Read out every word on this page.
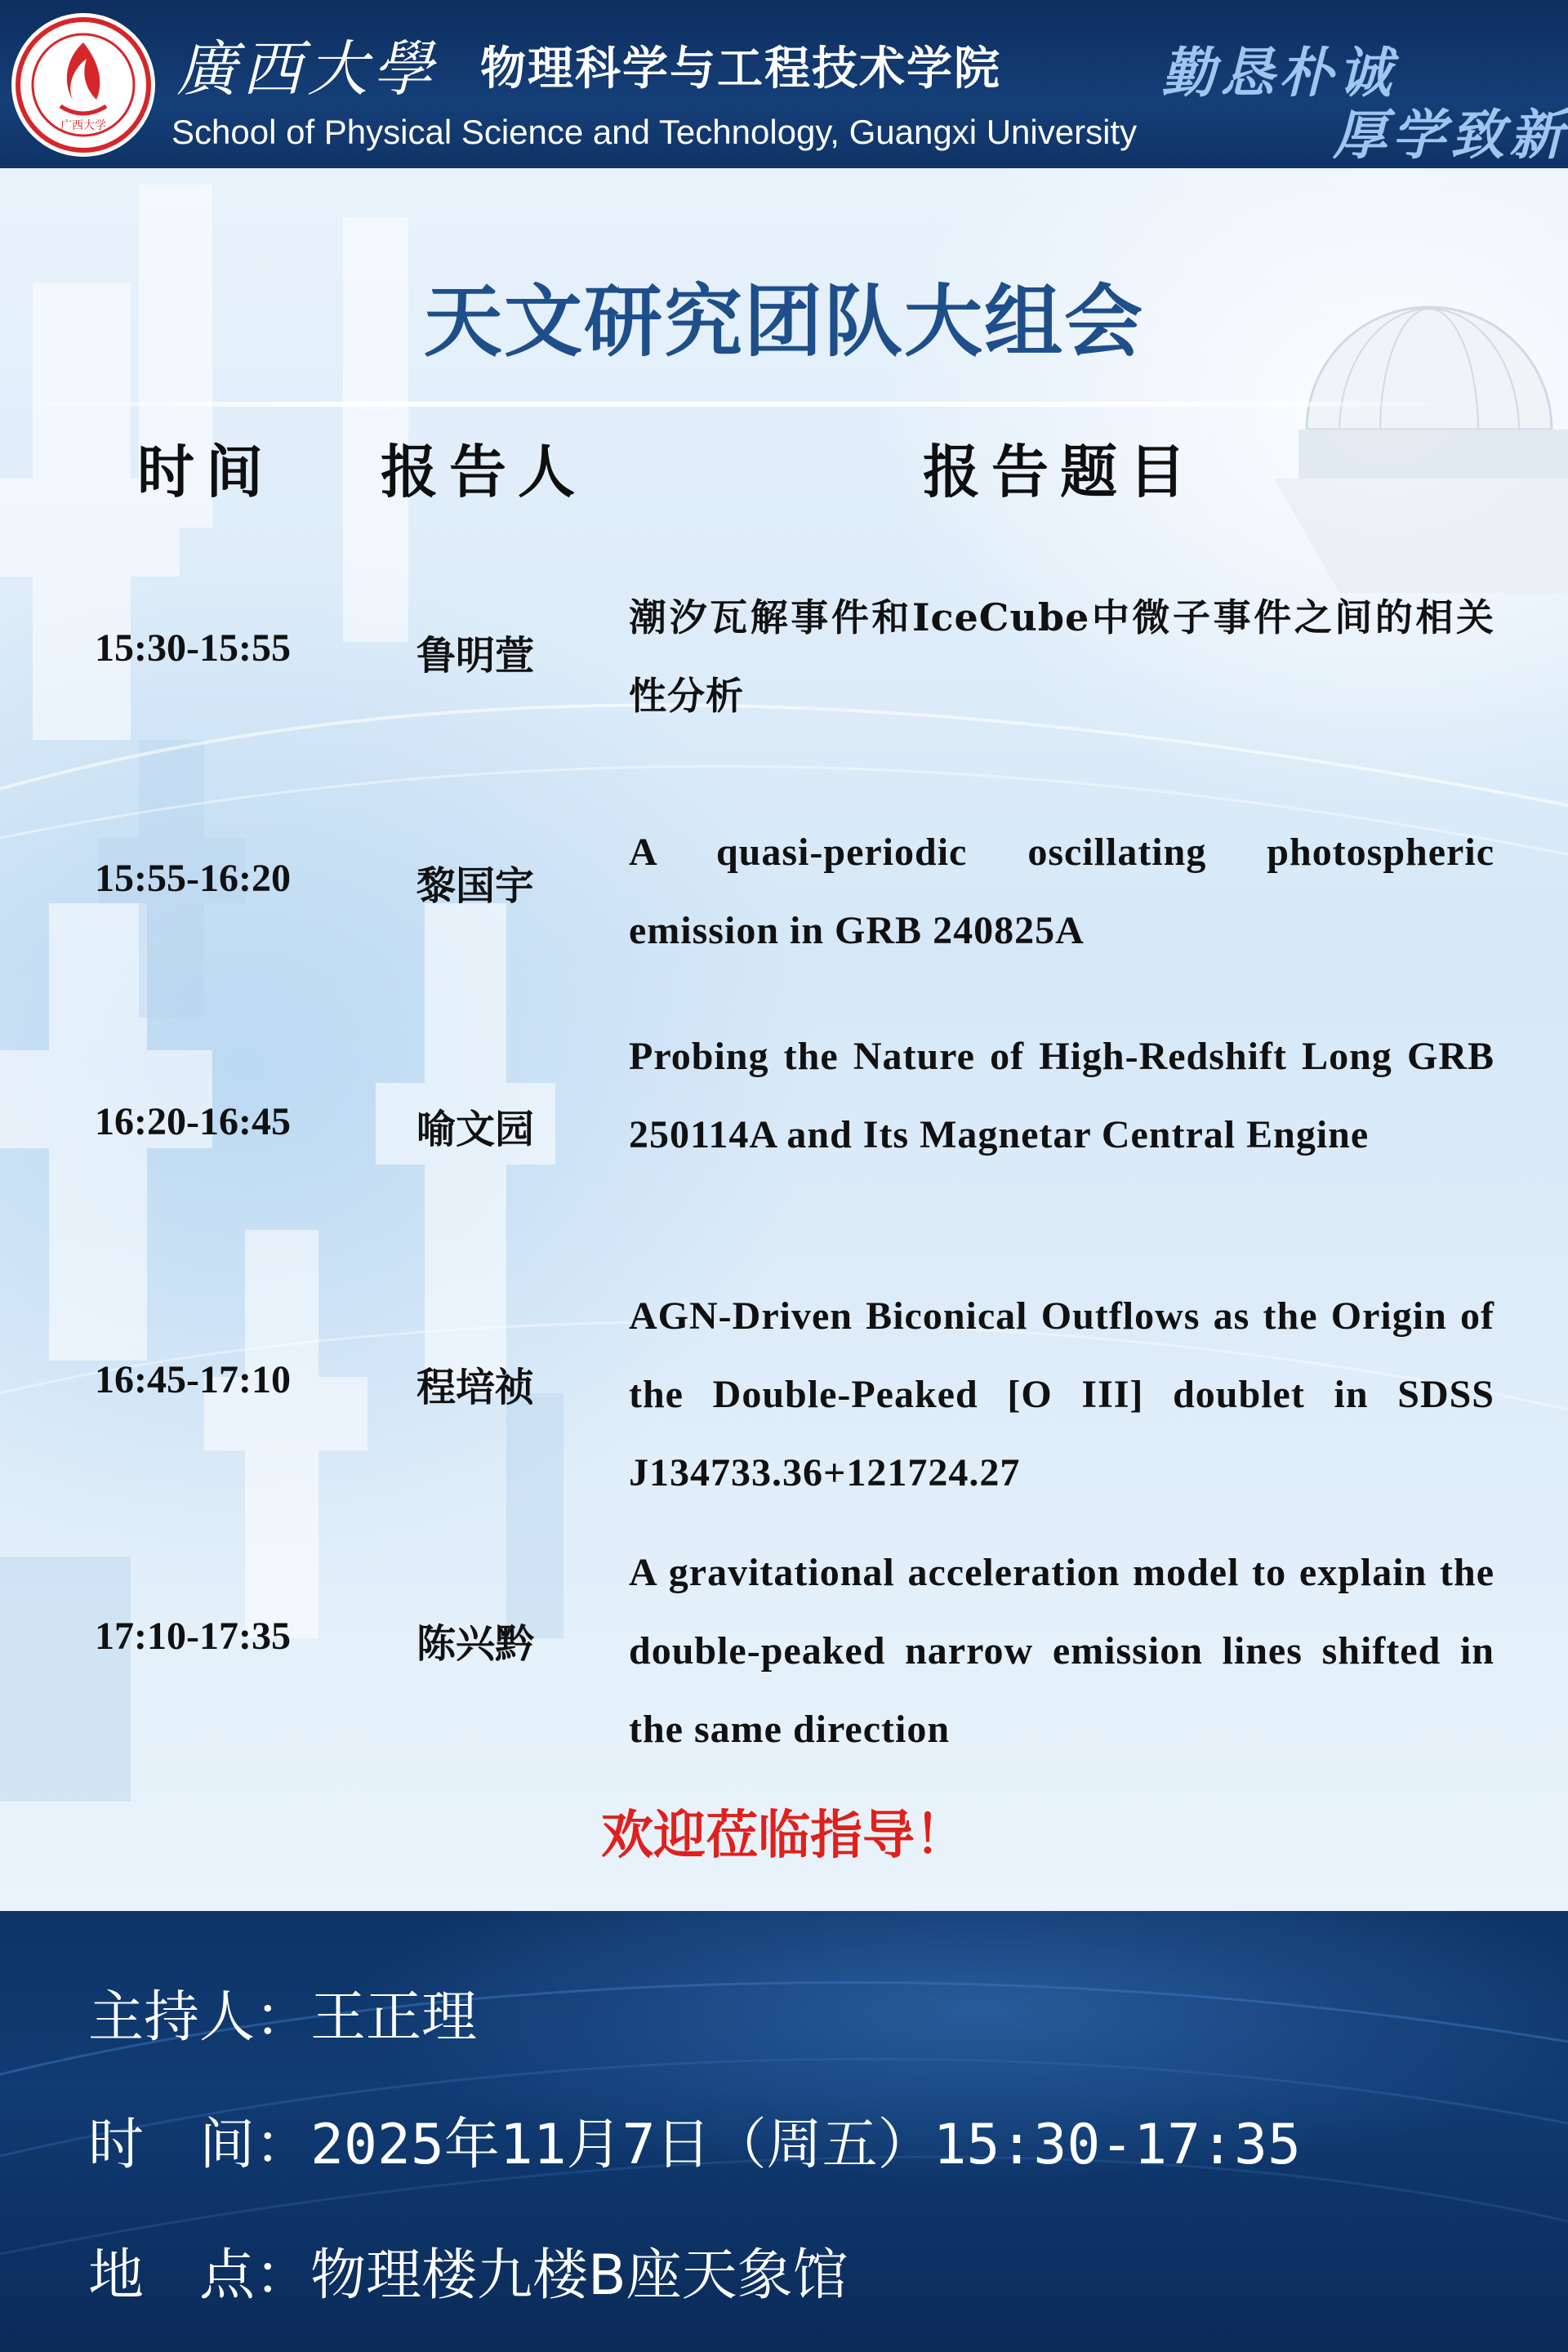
广西大学
廣西大學 物理科学与工程技术学院
School of Physical Science and Technology, Guangxi University
勤恳朴诚
厚学致新
天文研究团队大组会
时间 报告人	报告题目
15:30-15:55	鲁明萱
潮汐瓦解事件和IceCube中微子事件之间的相关性分析
15:55-16:20	黎国宇
A quasi-periodic oscillating photospheric emission in GRB 240825A
16:20-16:45	喻文园
Probing the Nature of High-Redshift Long GRB 250114A and Its Magnetar Central Engine
16:45-17:10	程培祯
AGN-Driven Biconical Outflows as the Origin of the Double-Peaked [O III] doublet in SDSS J134733.36+121724.27
17:10-17:35	陈兴黔
A gravitational acceleration model to explain the double-peaked narrow emission lines shifted in the same direction
欢迎莅临指导！
主持人：王正理
时　间：2025年11月7日（周五）15:30-17:35
地　点：物理楼九楼B座天象馆
